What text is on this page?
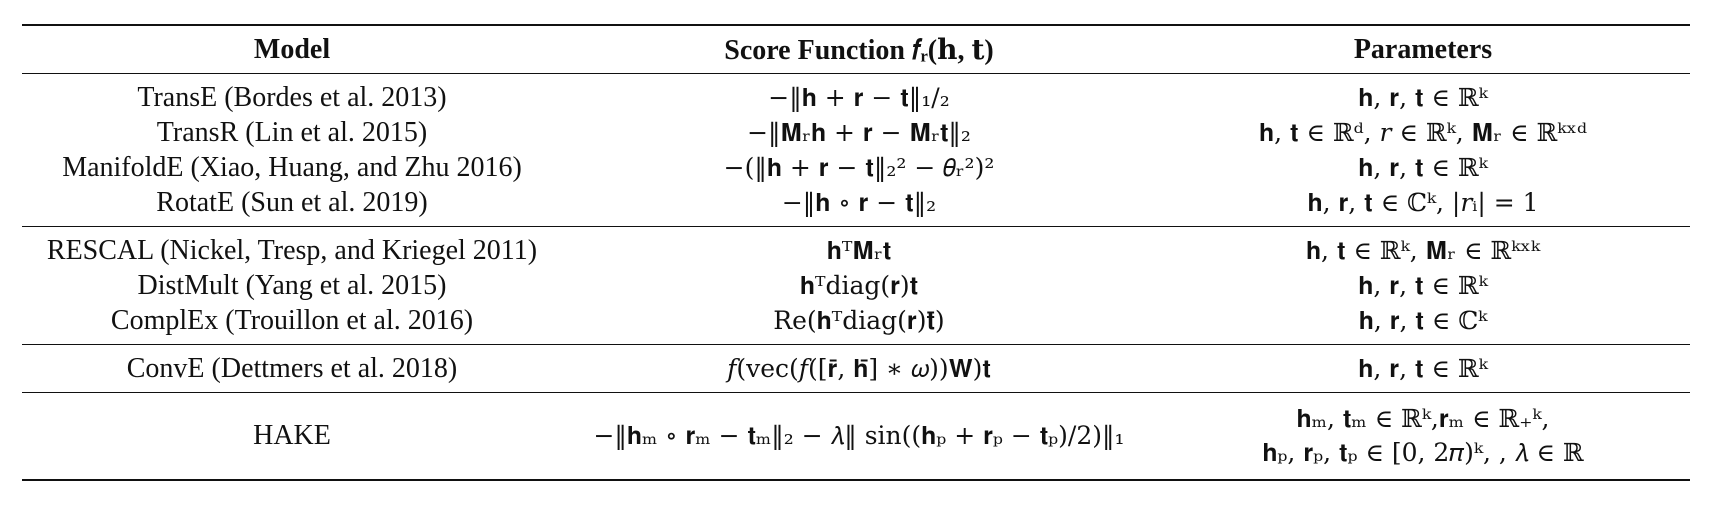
Model	Score Function 𝑓ᵣ(𝐡, 𝐭)	Parameters
TransE (Bordes et al. 2013)	−‖𝐡 + 𝐫 − 𝐭‖₁/₂	𝐡, 𝐫, 𝐭 ∈ ℝᵏ
TransR (Lin et al. 2015)	−‖𝐌ᵣ𝐡 + 𝐫 − 𝐌ᵣ𝐭‖₂	𝐡, 𝐭 ∈ ℝᵈ, 𝑟 ∈ ℝᵏ, 𝐌ᵣ ∈ ℝᵏˣᵈ
ManifoldE (Xiao, Huang, and Zhu 2016)	−(‖𝐡 + 𝐫 − 𝐭‖₂² − 𝜃ᵣ²)²	𝐡, 𝐫, 𝐭 ∈ ℝᵏ
RotatE (Sun et al. 2019)	−‖𝐡 ∘ 𝐫 − 𝐭‖₂	𝐡, 𝐫, 𝐭 ∈ ℂᵏ, |𝑟ᵢ| = 1
RESCAL (Nickel, Tresp, and Kriegel 2011)	𝐡ᵀ𝐌ᵣ𝐭	𝐡, 𝐭 ∈ ℝᵏ, 𝐌ᵣ ∈ ℝᵏˣᵏ
DistMult (Yang et al. 2015)	𝐡ᵀdiag(𝐫)𝐭	𝐡, 𝐫, 𝐭 ∈ ℝᵏ
ComplEx (Trouillon et al. 2016)	Re(𝐡ᵀdiag(𝐫)𝐭̄)	𝐡, 𝐫, 𝐭 ∈ ℂᵏ
ConvE (Dettmers et al. 2018)	𝑓(vec(𝑓([𝐫̄, 𝐡̄] ∗ 𝜔))𝐖)𝐭	𝐡, 𝐫, 𝐭 ∈ ℝᵏ
HAKE	−‖𝐡ₘ ∘ 𝐫ₘ − 𝐭ₘ‖₂ − 𝜆‖ sin((𝐡ₚ + 𝐫ₚ − 𝐭ₚ)/2)‖₁	𝐡ₘ, 𝐭ₘ ∈ ℝᵏ,𝐫ₘ ∈ ℝ₊ᵏ,
𝐡ₚ, 𝐫ₚ, 𝐭ₚ ∈ [0, 2𝜋)ᵏ, , 𝜆 ∈ ℝ
